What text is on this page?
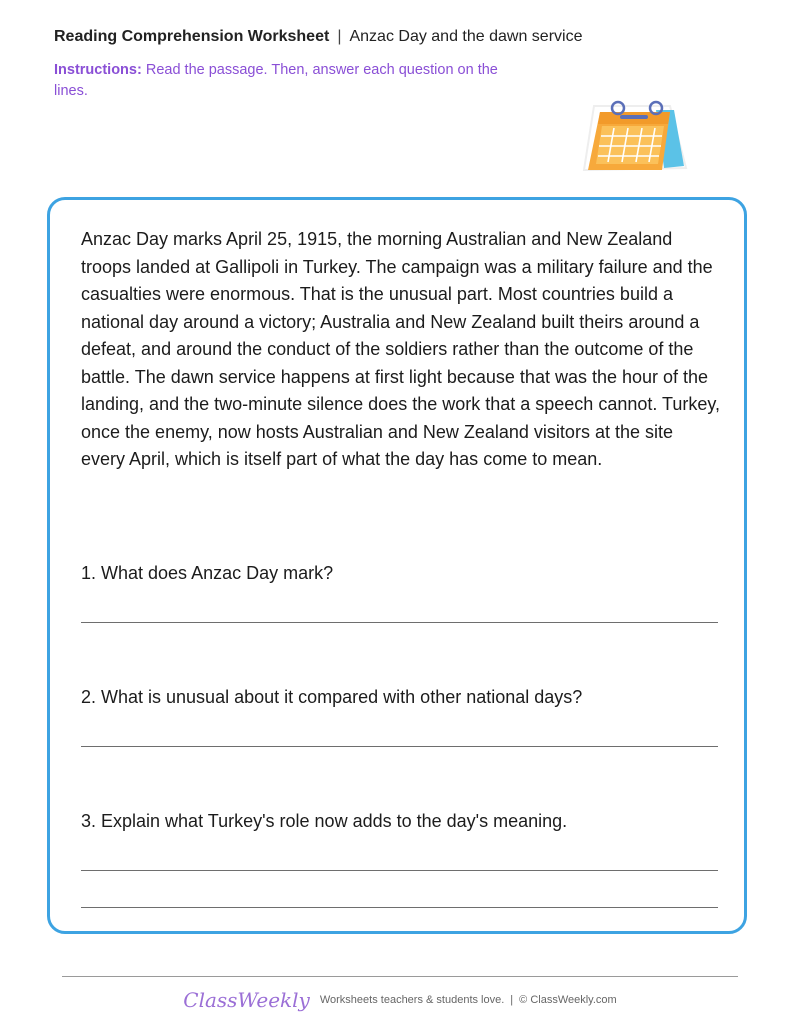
Reading Comprehension Worksheet | Anzac Day and the dawn service
Instructions: Read the passage. Then, answer each question on the lines.
Anzac Day marks April 25, 1915, the morning Australian and New Zealand troops landed at Gallipoli in Turkey. The campaign was a military failure and the casualties were enormous. That is the unusual part. Most countries build a national day around a victory; Australia and New Zealand built theirs around a defeat, and around the conduct of the soldiers rather than the outcome of the battle. The dawn service happens at first light because that was the hour of the landing, and the two-minute silence does the work that a speech cannot. Turkey, once the enemy, now hosts Australian and New Zealand visitors at the site every April, which is itself part of what the day has come to mean.
1. What does Anzac Day mark?
2. What is unusual about it compared with other national days?
3. Explain what Turkey's role now adds to the day's meaning.
ClassWeekly Worksheets teachers & students love. | © ClassWeekly.com
